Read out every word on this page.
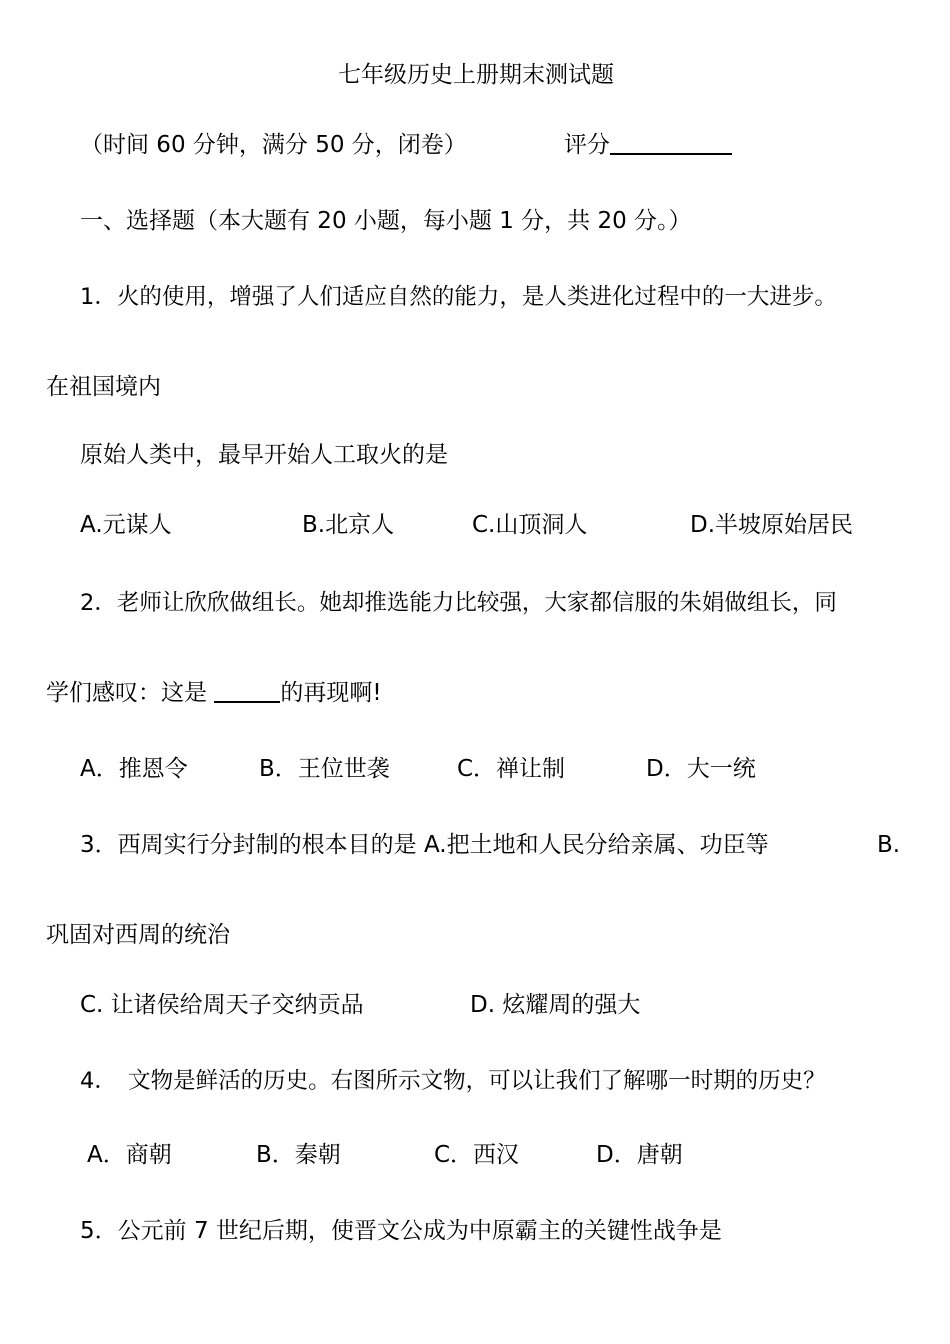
七年级历史上册期末测试题
（时间 60 分钟，满分 50 分，闭卷）	评分
一、选择题（本大题有 20 小题，每小题 1 分，共 20 分。）
1．火的使用，增强了人们适应自然的能力，是人类进化过程中的一大进步。
在祖国境内
原始人类中，最早开始人工取火的是
A.元谋人	B.北京人	C.山顶洞人	D.半坡原始居民
2．老师让欣欣做组长。她却推选能力比较强，大家都信服的朱娟做组长，同
学们感叹：这是	的再现啊!
A．推恩令	B．王位世袭	C．禅让制	D．大一统
3．西周实行分封制的根本目的是 A.把土地和人民分给亲属、功臣等	B.
巩固对西周的统治
C. 让诸侯给周天子交纳贡品	D. 炫耀周的强大
4．　文物是鲜活的历史。右图所示文物，可以让我们了解哪一时期的历史？
A．商朝	B．秦朝	C．西汉	D．唐朝
5．公元前 7 世纪后期，使晋文公成为中原霸主的关键性战争是
